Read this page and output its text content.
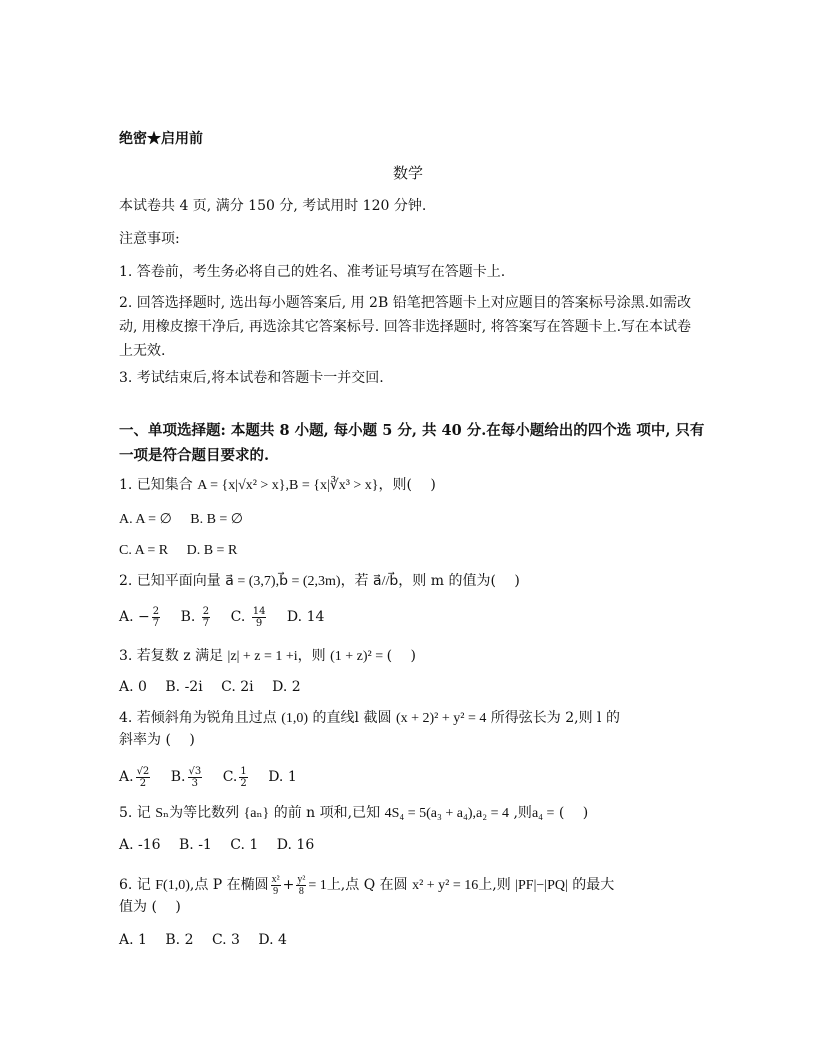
绝密★启用前
数学
本试卷共 4 页, 满分 150 分, 考试用时 120 分钟.
注意事项:
1. 答卷前，考生务必将自己的姓名、准考证号填写在答题卡上.
2. 回答选择题时, 选出每小题答案后, 用 2B 铅笔把答题卡上对应题目的答案标号涂黑.如需改动, 用橡皮擦干净后, 再选涂其它答案标号. 回答非选择题时, 将答案写在答题卡上.写在本试卷上无效.
3. 考试结束后,将本试卷和答题卡一并交回.
一、单项选择题: 本题共 8 小题, 每小题 5 分, 共 40 分.在每小题给出的四个选 项中, 只有一项是符合题目要求的.
1. 已知集合 A = {x|√x² > x},B = {x|∛x³ > x}，则(　 )
A. A = ∅ B. B = ∅
C. A = R D. B = R
2. 已知平面向量 a⃗ = (3,7),b⃗ = (2,3m)，若 a⃗//b⃗，则 m 的值为(　 )
A. − $\frac{2}{7} B$. $\frac{2}{7} C$. $\frac{14}{9} D$. 14
3. 若复数 z 满足 |z| + z = 1 +i，则 (1 + z)² = (　 )
A. 0 B. -2i C. 2i D. 2
4. 若倾斜角为锐角且过点 (1,0) 的直线l 截圆 (x + 2)² + y² = 4 所得弦长为 2,则 l 的
斜率为 (　 )
A. $\frac{√2}{2} B$. $\frac{√3}{3} C$. $\frac{1}{2} D$. 1
5. 记 Sₙ为等比数列 {aₙ} 的前 n 项和,已知 4S₄ = 5(a₃ + a₄),a₂ = 4 ,则a₄ = (　 )
A. -16 B. -1 C. 1 D. 16
6. 记 F(1,0),点 P 在椭圆 $\frac{\text{x²}}{9} + \frac{\text{y²}}{8} = 1$上,点 Q 在圆 x² + y² = 16上,则 |PF|−|PQ| 的最大
值为 (　 )
A. 1 B. 2 C. 3 D. 4
